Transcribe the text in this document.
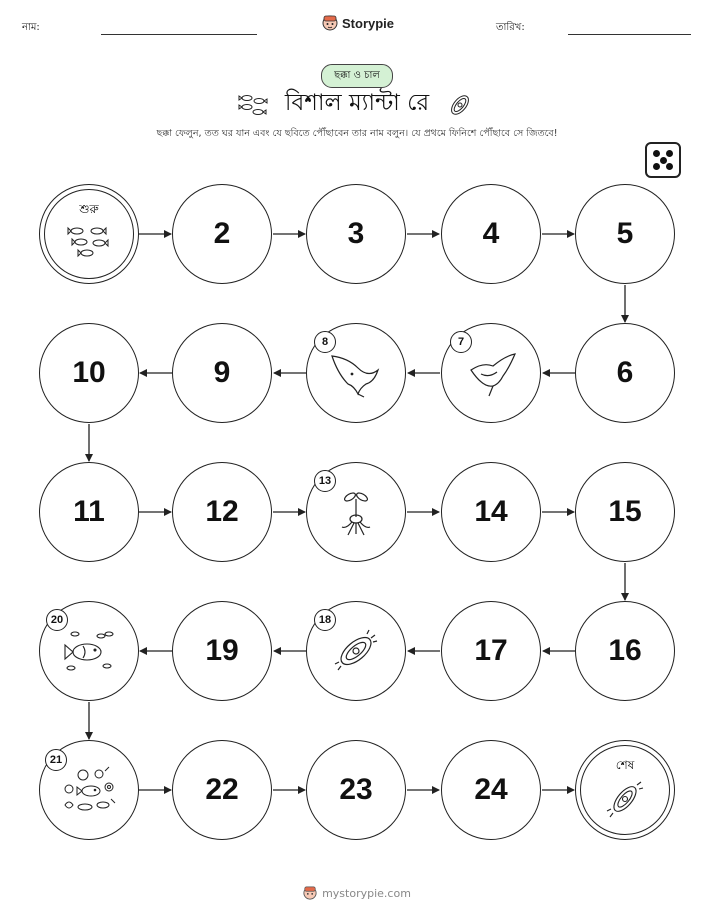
নাম:	Storypie	তারিখ:
ছক্কা ও চাল
বিশাল ম্যান্টা রে
ছক্কা ফেলুন, তত ঘর যান এবং যে ছবিতে পৌঁছাবেন তার নাম বলুন। যে প্রথমে ফিনিশে পৌঁছাবে সে জিতবে!
শুরু
2	3	4	5
10	9
8	7
6
11	12
13
14	15
20
19
18
17	16
21
22	23	24
শেষ
mystorypie.com
